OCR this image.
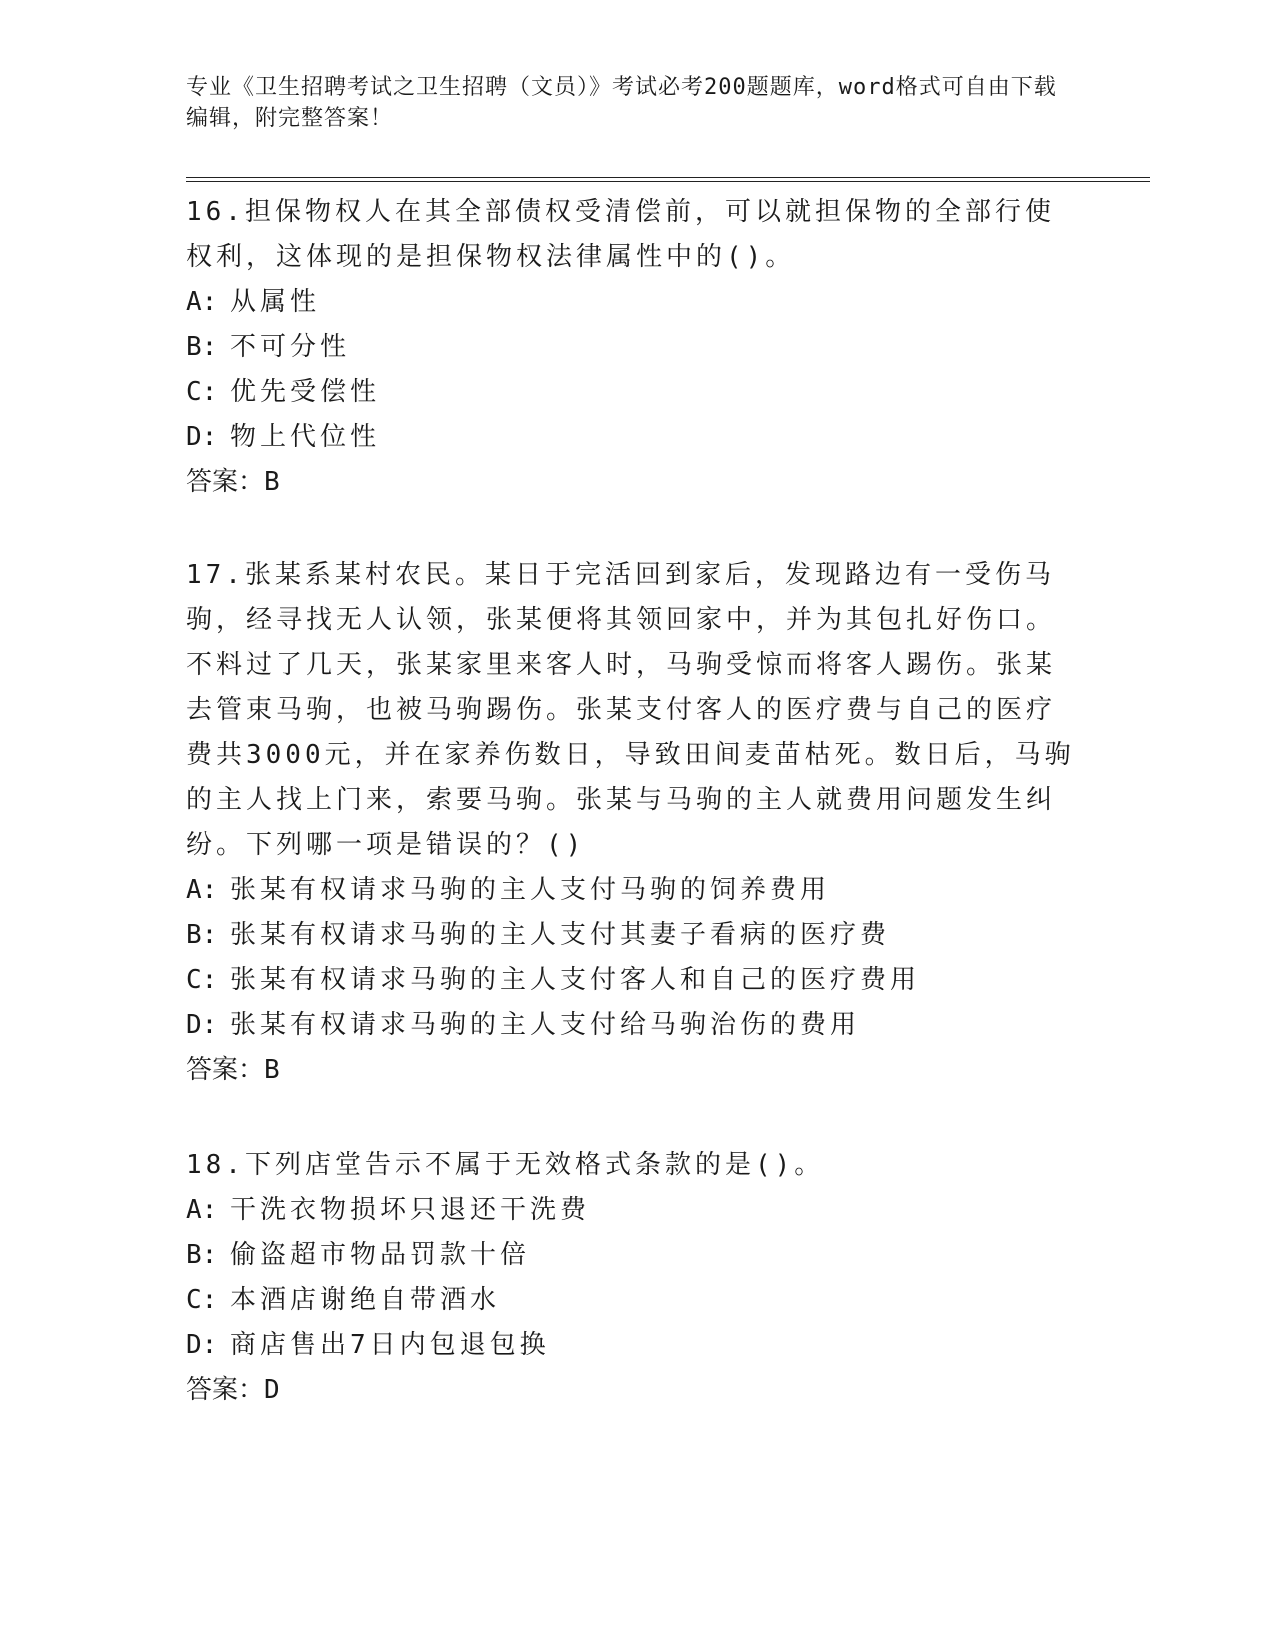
专业《卫生招聘考试之卫生招聘（文员）》考试必考200题题库，word格式可自由下载编辑，附完整答案！

16.担保物权人在其全部债权受清偿前，可以就担保物的全部行使权利，这体现的是担保物权法律属性中的()。

A: 从属性
B: 不可分性
C: 优先受偿性
D: 物上代位性
答案：B

17.张某系某村农民。某日于完活回到家后，发现路边有一受伤马驹，经寻找无人认领，张某便将其领回家中，并为其包扎好伤口。不料过了几天，张某家里来客人时，马驹受惊而将客人踢伤。张某去管束马驹，也被马驹踢伤。张某支付客人的医疗费与自己的医疗费共3000元，并在家养伤数日，导致田间麦苗枯死。数日后，马驹的主人找上门来，索要马驹。张某与马驹的主人就费用问题发生纠纷。下列哪一项是错误的？()

A: 张某有权请求马驹的主人支付马驹的饲养费用
B: 张某有权请求马驹的主人支付其妻子看病的医疗费
C: 张某有权请求马驹的主人支付客人和自己的医疗费用
D: 张某有权请求马驹的主人支付给马驹治伤的费用
答案：B

18.下列店堂告示不属于无效格式条款的是()。

A: 干洗衣物损坏只退还干洗费
B: 偷盗超市物品罚款十倍
C: 本酒店谢绝自带酒水
D: 商店售出7日内包退包换
答案：D
